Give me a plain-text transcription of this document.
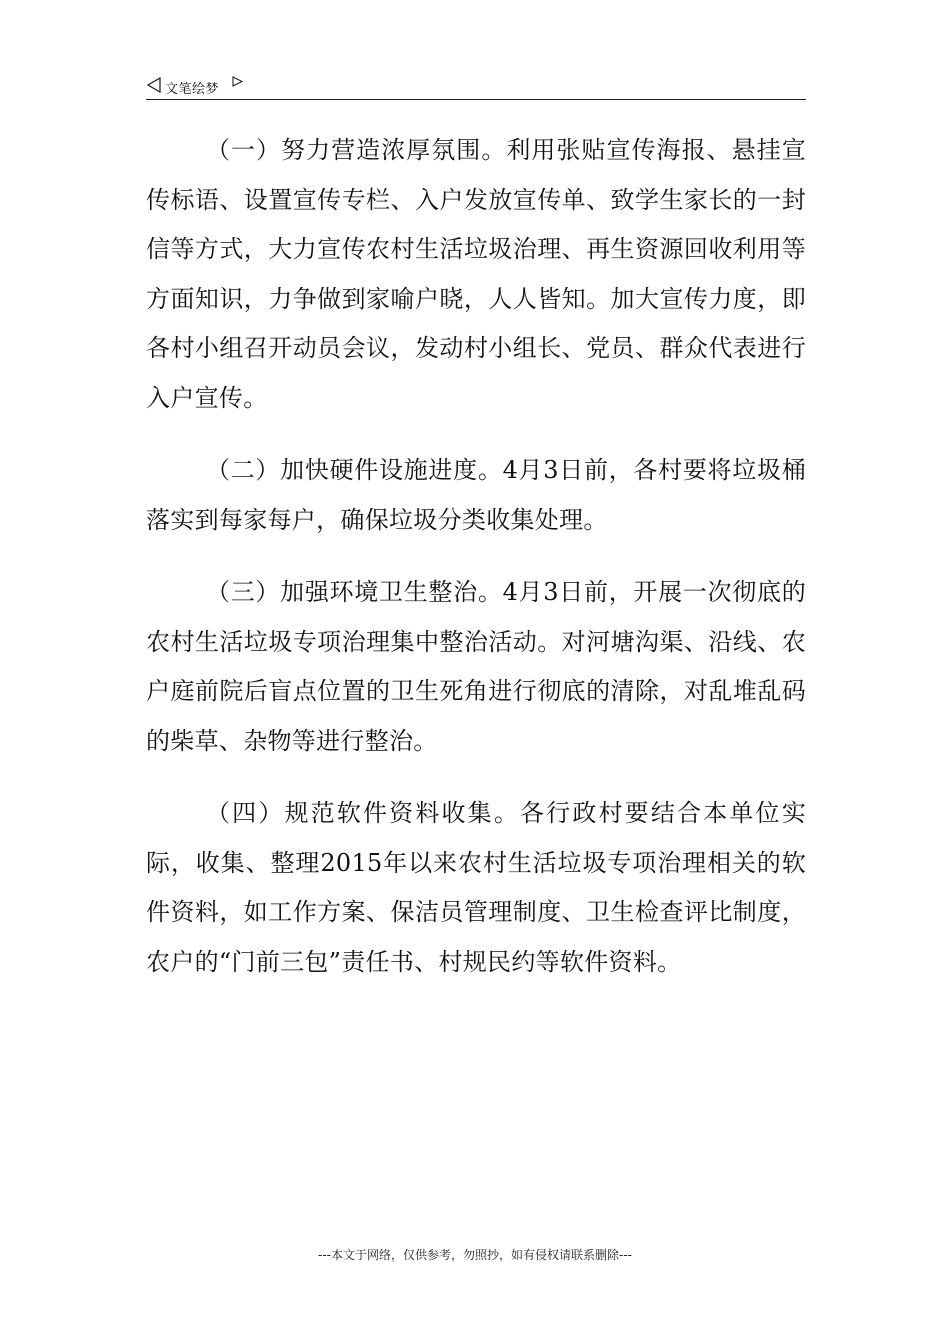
文笔绘梦

（一）努力营造浓厚氛围。利用张贴宣传海报、悬挂宣传标语、设置宣传专栏、入户发放宣传单、致学生家长的一封信等方式，大力宣传农村生活垃圾治理、再生资源回收利用等方面知识，力争做到家喻户晓，人人皆知。加大宣传力度，即各村小组召开动员会议，发动村小组长、党员、群众代表进行入户宣传。

（二）加快硬件设施进度。4月3日前，各村要将垃圾桶落实到每家每户，确保垃圾分类收集处理。

（三）加强环境卫生整治。4月3日前，开展一次彻底的农村生活垃圾专项治理集中整治活动。对河塘沟渠、沿线、农户庭前院后盲点位置的卫生死角进行彻底的清除，对乱堆乱码的柴草、杂物等进行整治。

（四）规范软件资料收集。各行政村要结合本单位实际，收集、整理2015年以来农村生活垃圾专项治理相关的软件资料，如工作方案、保洁员管理制度、卫生检查评比制度，农户的“门前三包”责任书、村规民约等软件资料。

---本文于网络，仅供参考，勿照抄，如有侵权请联系删除---
